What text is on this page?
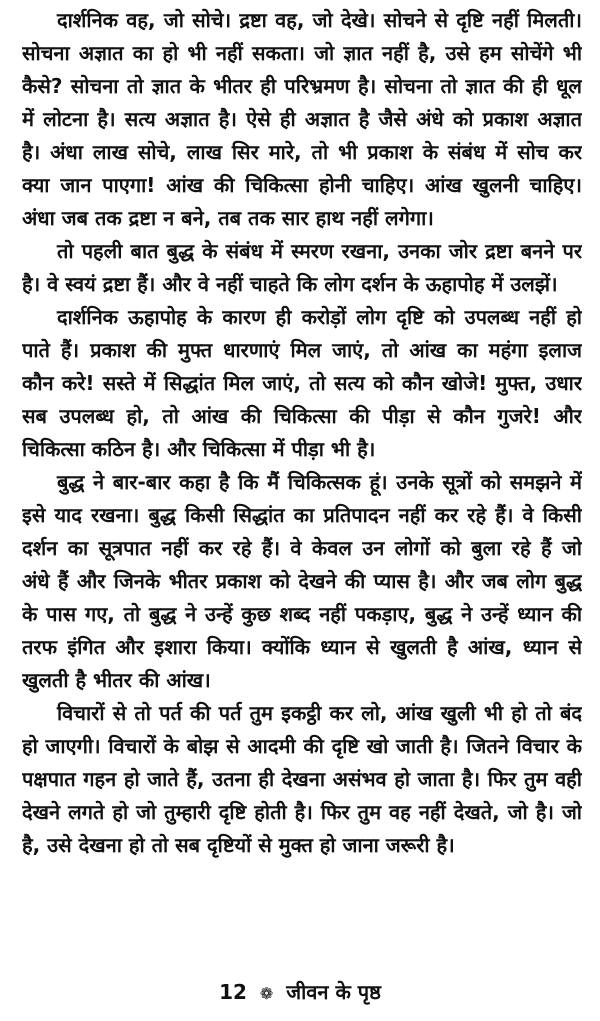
दार्शनिक वह, जो सोचे। द्रष्टा वह, जो देखे। सोचने से दृष्टि नहीं मिलती।
सोचना अज्ञात का हो भी नहीं सकता। जो ज्ञात नहीं है, उसे हम सोचेंगे भी
कैसे? सोचना तो ज्ञात के भीतर ही परिभ्रमण है। सोचना तो ज्ञात की ही धूल
में लोटना है। सत्य अज्ञात है। ऐसे ही अज्ञात है जैसे अंधे को प्रकाश अज्ञात
है। अंधा लाख सोचे, लाख सिर मारे, तो भी प्रकाश के संबंध में सोच कर
क्या जान पाएगा! आंख की चिकित्सा होनी चाहिए। आंख खुलनी चाहिए।
अंधा जब तक द्रष्टा न बने, तब तक सार हाथ नहीं लगेगा।
तो पहली बात बुद्ध के संबंध में स्मरण रखना, उनका जोर द्रष्टा बनने पर
है। वे स्वयं द्रष्टा हैं। और वे नहीं चाहते कि लोग दर्शन के ऊहापोह में उलझें।
दार्शनिक ऊहापोह के कारण ही करोड़ों लोग दृष्टि को उपलब्ध नहीं हो
पाते हैं। प्रकाश की मुफ्त धारणाएं मिल जाएं, तो आंख का महंगा इलाज
कौन करे! सस्ते में सिद्धांत मिल जाएं, तो सत्य को कौन खोजे! मुफ्त, उधार
सब उपलब्ध हो, तो आंख की चिकित्सा की पीड़ा से कौन गुजरे! और
चिकित्सा कठिन है। और चिकित्सा में पीड़ा भी है।
बुद्ध ने बार-बार कहा है कि मैं चिकित्सक हूं। उनके सूत्रों को समझने में
इसे याद रखना। बुद्ध किसी सिद्धांत का प्रतिपादन नहीं कर रहे हैं। वे किसी
दर्शन का सूत्रपात नहीं कर रहे हैं। वे केवल उन लोगों को बुला रहे हैं जो
अंधे हैं और जिनके भीतर प्रकाश को देखने की प्यास है। और जब लोग बुद्ध
के पास गए, तो बुद्ध ने उन्हें कुछ शब्द नहीं पकड़ाए, बुद्ध ने उन्हें ध्यान की
तरफ इंगित और इशारा किया। क्योंकि ध्यान से खुलती है आंख, ध्यान से
खुलती है भीतर की आंख।
विचारों से तो पर्त की पर्त तुम इकट्ठी कर लो, आंख खुली भी हो तो बंद
हो जाएगी। विचारों के बोझ से आदमी की दृष्टि खो जाती है। जितने विचार के
पक्षपात गहन हो जाते हैं, उतना ही देखना असंभव हो जाता है। फिर तुम वही
देखने लगते हो जो तुम्हारी दृष्टि होती है। फिर तुम वह नहीं देखते, जो है। जो
है, उसे देखना हो तो सब दृष्टियों से मुक्त हो जाना जरूरी है।
12 ❁ जीवन के पृष्ठ
